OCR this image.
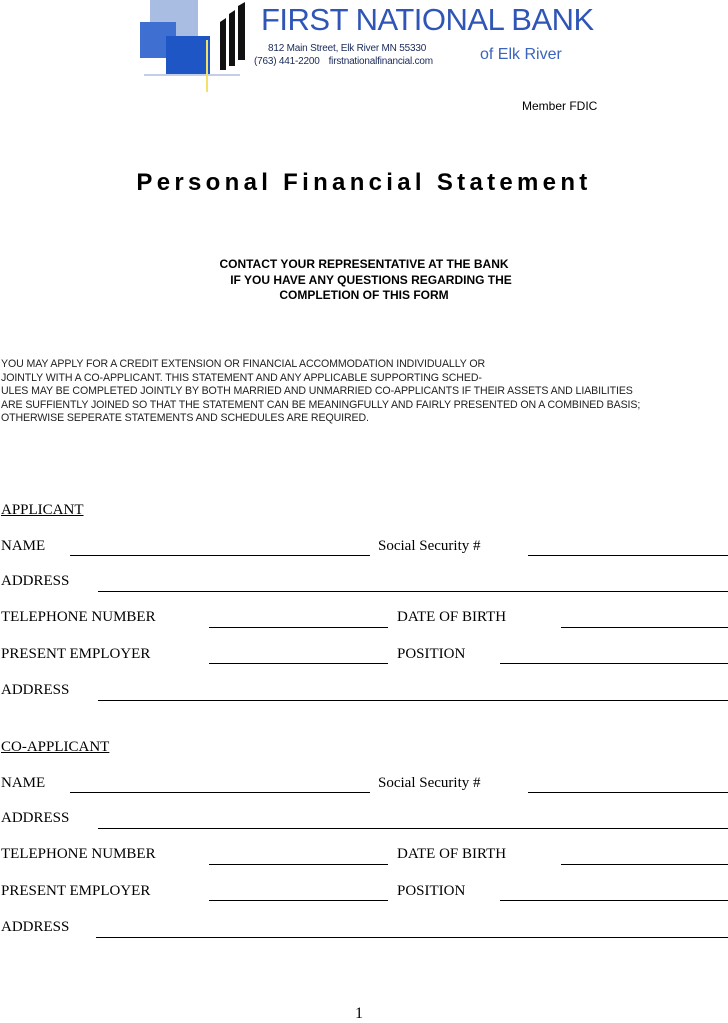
FIRST NATIONAL BANK
812 Main Street, Elk River MN 55330
(763) 441-2200 firstnationalfinancial.com	of Elk River
Member FDIC
Personal Financial Statement
CONTACT YOUR REPRESENTATIVE AT THE BANK
IF YOU HAVE ANY QUESTIONS REGARDING THE
COMPLETION OF THIS FORM
YOU MAY APPLY FOR A CREDIT EXTENSION OR FINANCIAL ACCOMMODATION INDIVIDUALLY OR
JOINTLY WITH A CO-APPLICANT. THIS STATEMENT AND ANY APPLICABLE SUPPORTING SCHED-
ULES MAY BE COMPLETED JOINTLY BY BOTH MARRIED AND UNMARRIED CO-APPLICANTS IF THEIR ASSETS AND LIABILITIES
ARE SUFFIENTLY JOINED SO THAT THE STATEMENT CAN BE MEANINGFULLY AND FAIRLY PRESENTED ON A COMBINED BASIS;
OTHERWISE SEPERATE STATEMENTS AND SCHEDULES ARE REQUIRED.
APPLICANT
NAME	Social Security #
ADDRESS
TELEPHONE NUMBER	DATE OF BIRTH
PRESENT EMPLOYER	POSITION
ADDRESS
CO-APPLICANT
NAME	Social Security #
ADDRESS
TELEPHONE NUMBER	DATE OF BIRTH
PRESENT EMPLOYER	POSITION
ADDRESS
1
